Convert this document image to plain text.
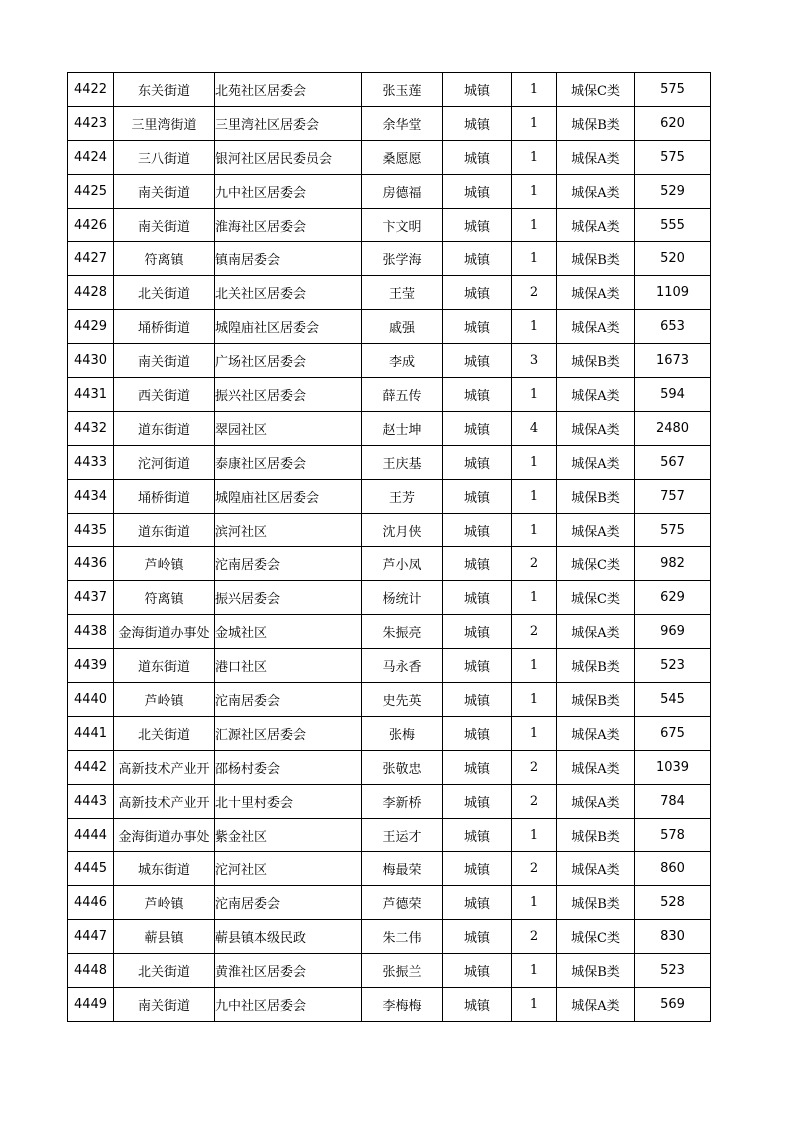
4422	东关街道	北苑社区居委会	张玉莲	城镇	1	城保C类	575
4423	三里湾街道	三里湾社区居委会	余华堂	城镇	1	城保B类	620
4424	三八街道	银河社区居民委员会	桑愿愿	城镇	1	城保A类	575
4425	南关街道	九中社区居委会	房德福	城镇	1	城保A类	529
4426	南关街道	淮海社区居委会	卞文明	城镇	1	城保A类	555
4427	符离镇	镇南居委会	张学海	城镇	1	城保B类	520
4428	北关街道	北关社区居委会	王莹	城镇	2	城保A类	1109
4429	埇桥街道	城隍庙社区居委会	戚强	城镇	1	城保A类	653
4430	南关街道	广场社区居委会	李成	城镇	3	城保B类	1673
4431	西关街道	振兴社区居委会	薛五传	城镇	1	城保A类	594
4432	道东街道	翠园社区	赵士坤	城镇	4	城保A类	2480
4433	沱河街道	泰康社区居委会	王庆基	城镇	1	城保A类	567
4434	埇桥街道	城隍庙社区居委会	王芳	城镇	1	城保B类	757
4435	道东街道	滨河社区	沈月侠	城镇	1	城保A类	575
4436	芦岭镇	沱南居委会	芦小凤	城镇	2	城保C类	982
4437	符离镇	振兴居委会	杨统计	城镇	1	城保C类	629
4438	金海街道办事处	金城社区	朱振亮	城镇	2	城保A类	969
4439	道东街道	港口社区	马永香	城镇	1	城保B类	523
4440	芦岭镇	沱南居委会	史先英	城镇	1	城保B类	545
4441	北关街道	汇源社区居委会	张梅	城镇	1	城保A类	675
4442	高新技术产业开	邵杨村委会	张敬忠	城镇	2	城保A类	1039
4443	高新技术产业开	北十里村委会	李新桥	城镇	2	城保A类	784
4444	金海街道办事处	紫金社区	王运才	城镇	1	城保B类	578
4445	城东街道	沱河社区	梅最荣	城镇	2	城保A类	860
4446	芦岭镇	沱南居委会	芦德荣	城镇	1	城保B类	528
4447	蕲县镇	蕲县镇本级民政	朱二伟	城镇	2	城保C类	830
4448	北关街道	黄淮社区居委会	张振兰	城镇	1	城保B类	523
4449	南关街道	九中社区居委会	李梅梅	城镇	1	城保A类	569
